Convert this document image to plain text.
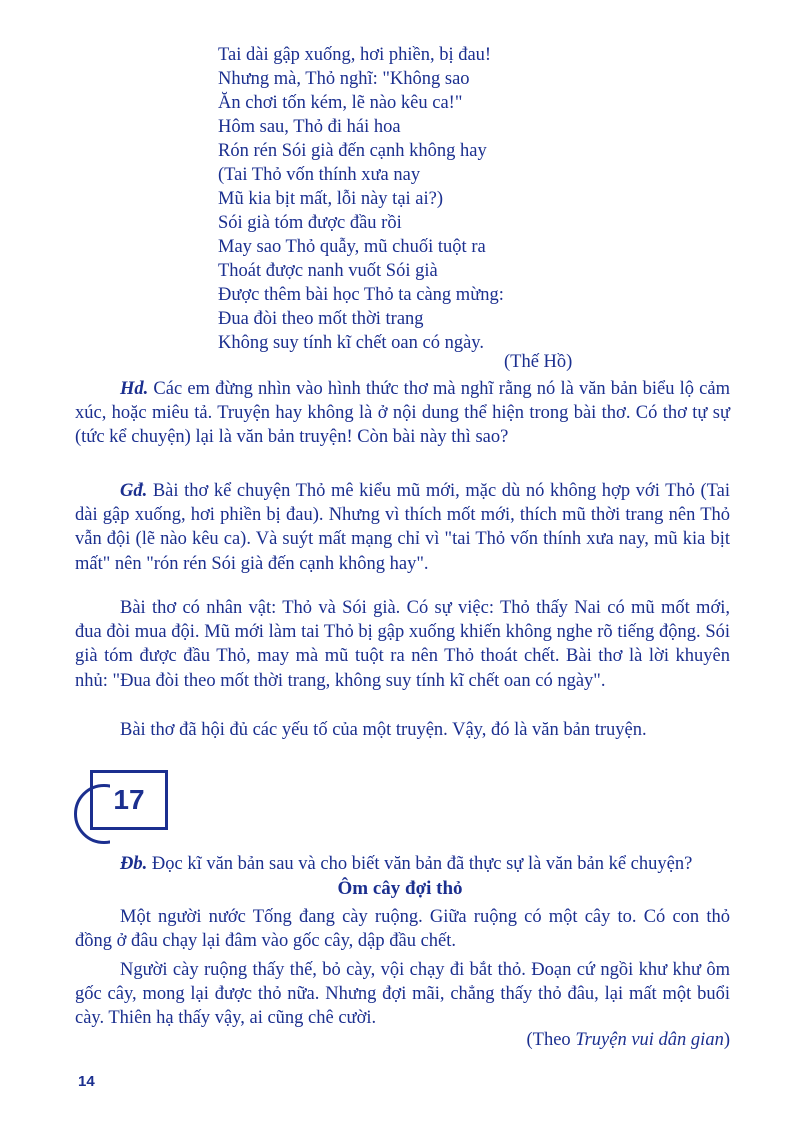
Tai dài gập xuống, hơi phiền, bị đau!
Nhưng mà, Thỏ nghĩ: "Không sao
Ăn chơi tốn kém, lẽ nào kêu ca!"
Hôm sau, Thỏ đi hái hoa
Rón rén Sói già đến cạnh không hay
(Tai Thỏ vốn thính xưa nay
Mũ kia bịt mất, lỗi này tại ai?)
Sói già tóm được đầu rồi
May sao Thỏ quẫy, mũ chuối tuột ra
Thoát được nanh vuốt Sói già
Được thêm bài học Thỏ ta càng mừng:
Đua đòi theo mốt thời trang
Không suy tính kĩ chết oan có ngày.
(Thế Hồ)
Hd. Các em đừng nhìn vào hình thức thơ mà nghĩ rằng nó là văn bản biểu lộ cảm xúc, hoặc miêu tả. Truyện hay không là ở nội dung thể hiện trong bài thơ. Có thơ tự sự (tức kể chuyện) lại là văn bản truyện! Còn bài này thì sao?
Gđ. Bài thơ kể chuyện Thỏ mê kiểu mũ mới, mặc dù nó không hợp với Thỏ (Tai dài gập xuống, hơi phiền bị đau). Nhưng vì thích mốt mới, thích mũ thời trang nên Thỏ vẫn đội (lẽ nào kêu ca). Và suýt mất mạng chỉ vì "tai Thỏ vốn thính xưa nay, mũ kia bịt mất" nên "rón rén Sói già đến cạnh không hay".
Bài thơ có nhân vật: Thỏ và Sói già. Có sự việc: Thỏ thấy Nai có mũ mốt mới, đua đòi mua đội. Mũ mới làm tai Thỏ bị gập xuống khiến không nghe rõ tiếng động. Sói già tóm được đầu Thỏ, may mà mũ tuột ra nên Thỏ thoát chết. Bài thơ là lời khuyên nhủ: "Đua đòi theo mốt thời trang, không suy tính kĩ chết oan có ngày".
Bài thơ đã hội đủ các yếu tố của một truyện. Vậy, đó là văn bản truyện.
17
Đb. Đọc kĩ văn bản sau và cho biết văn bản đã thực sự là văn bản kể chuyện?
Ôm cây đợi thỏ
Một người nước Tống đang cày ruộng. Giữa ruộng có một cây to. Có con thỏ đồng ở đâu chạy lại đâm vào gốc cây, dập đầu chết.
Người cày ruộng thấy thế, bỏ cày, vội chạy đi bắt thỏ. Đoạn cứ ngồi khư khư ôm gốc cây, mong lại được thỏ nữa. Nhưng đợi mãi, chẳng thấy thỏ đâu, lại mất một buổi cày. Thiên hạ thấy vậy, ai cũng chê cười.
(Theo Truyện vui dân gian)
14
